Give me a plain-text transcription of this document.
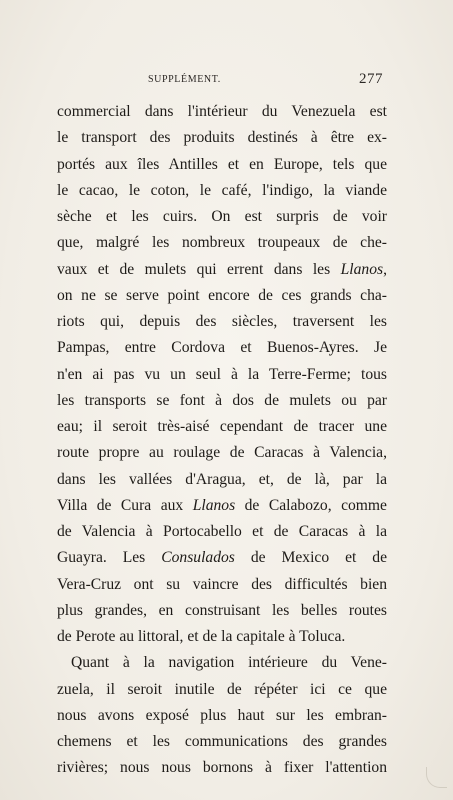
SUPPLÉMENT.	277
commercial dans l'intérieur du Venezuela est
le transport des produits destinés à être ex-
portés aux îles Antilles et en Europe, tels que
le cacao, le coton, le café, l'indigo, la viande
sèche et les cuirs. On est surpris de voir
que, malgré les nombreux troupeaux de che-
vaux et de mulets qui errent dans les Llanos,
on ne se serve point encore de ces grands cha-
riots qui, depuis des siècles, traversent les
Pampas, entre Cordova et Buenos-Ayres. Je
n'en ai pas vu un seul à la Terre-Ferme; tous
les transports se font à dos de mulets ou par
eau; il seroit très-aisé cependant de tracer une
route propre au roulage de Caracas à Valencia,
dans les vallées d'Aragua, et, de là, par la
Villa de Cura aux Llanos de Calabozo, comme
de Valencia à Portocabello et de Caracas à la
Guayra. Les Consulados de Mexico et de
Vera-Cruz ont su vaincre des difficultés bien
plus grandes, en construisant les belles routes
de Perote au littoral, et de la capitale à Toluca.
Quant à la navigation intérieure du Vene-
zuela, il seroit inutile de répéter ici ce que
nous avons exposé plus haut sur les embran-
chemens et les communications des grandes
rivières; nous nous bornons à fixer l'attention
